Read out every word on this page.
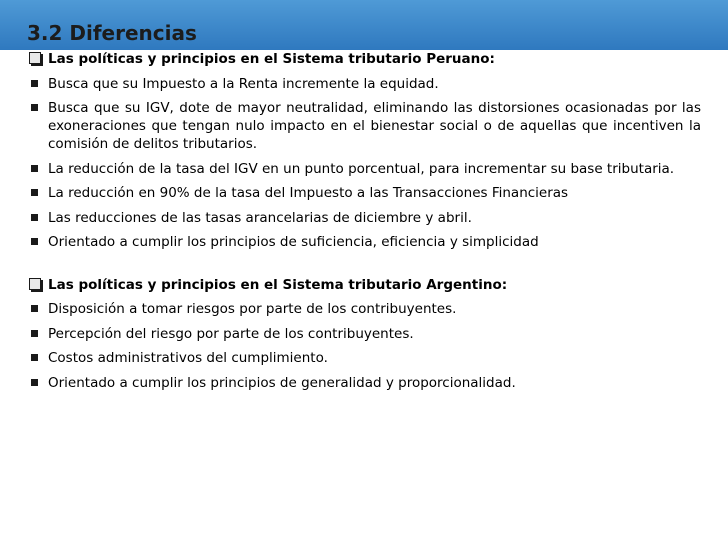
3.2 Diferencias
Las políticas y principios en el Sistema tributario Peruano:
Busca que su Impuesto a la Renta incremente la equidad.
Busca que su IGV, dote de mayor neutralidad, eliminando las distorsiones ocasionadas por las exoneraciones que tengan nulo impacto en el bienestar social o de aquellas que incentiven la comisión de delitos tributarios.
La reducción de la tasa del IGV en un punto porcentual, para incrementar su base tributaria.
La reducción en 90% de la tasa del Impuesto a las Transacciones Financieras
Las reducciones de las tasas arancelarias de diciembre y abril.
Orientado a cumplir los principios de suficiencia, eficiencia y simplicidad
Las políticas y principios en el Sistema tributario Argentino:
Disposición a tomar riesgos por parte de los contribuyentes.
Percepción del riesgo por parte de los contribuyentes.
Costos administrativos del cumplimiento.
Orientado a cumplir los principios de generalidad y proporcionalidad.
